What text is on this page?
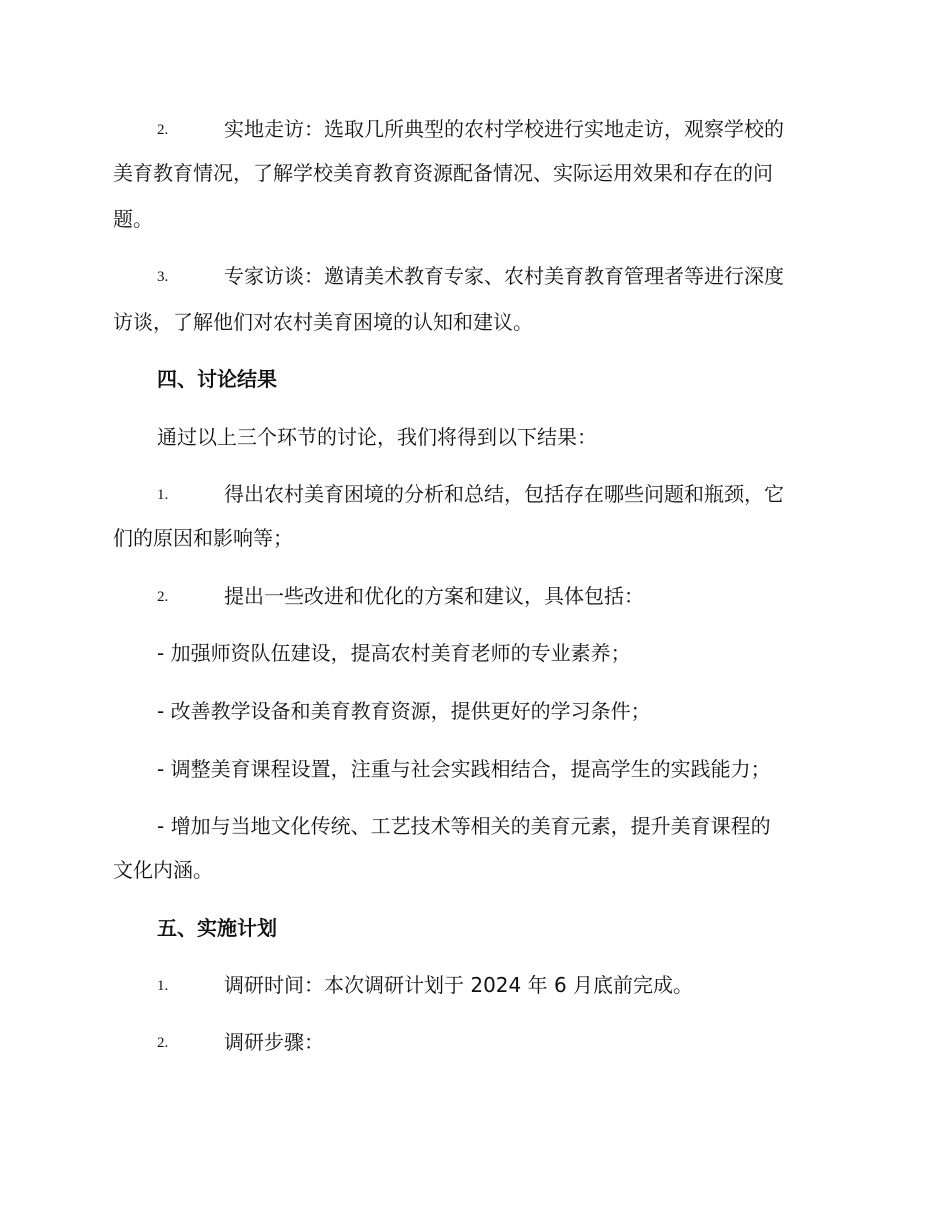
2.	实地走访：选取几所典型的农村学校进行实地走访，观察学校的
美育教育情况，了解学校美育教育资源配备情况、实际运用效果和存在的问
题。
3.	专家访谈：邀请美术教育专家、农村美育教育管理者等进行深度
访谈，了解他们对农村美育困境的认知和建议。
四、讨论结果
通过以上三个环节的讨论，我们将得到以下结果：
1.	得出农村美育困境的分析和总结，包括存在哪些问题和瓶颈，它
们的原因和影响等；
2.	提出一些改进和优化的方案和建议，具体包括：
- 加强师资队伍建设，提高农村美育老师的专业素养；
- 改善教学设备和美育教育资源，提供更好的学习条件；
- 调整美育课程设置，注重与社会实践相结合，提高学生的实践能力；
- 增加与当地文化传统、工艺技术等相关的美育元素，提升美育课程的
文化内涵。
五、实施计划
1.	调研时间：本次调研计划于 2024 年 6 月底前完成。
2.	调研步骤：
